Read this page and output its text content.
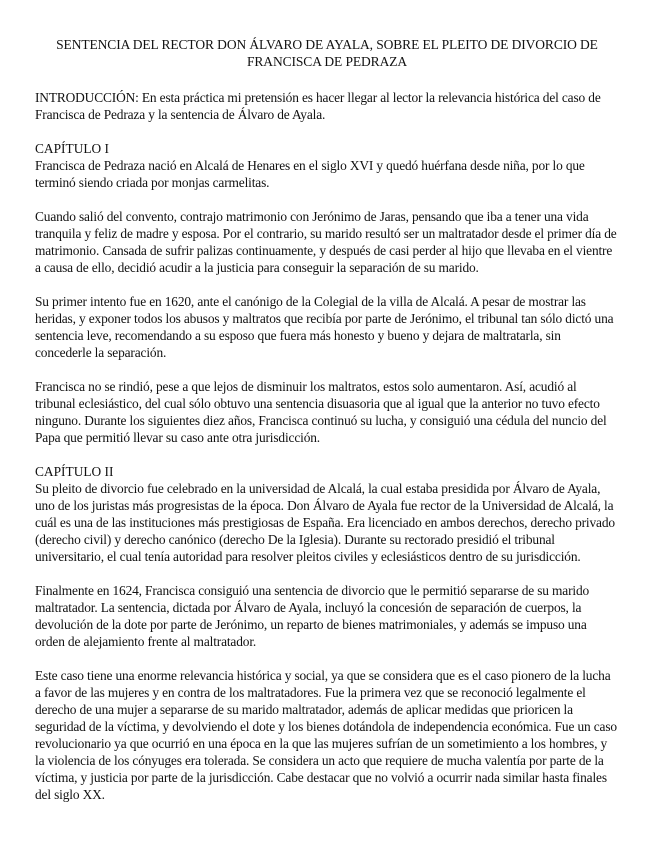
SENTENCIA DEL RECTOR DON ÁLVARO DE AYALA, SOBRE EL PLEITO DE DIVORCIO DE FRANCISCA DE PEDRAZA

INTRODUCCIÓN: En esta práctica mi pretensión es hacer llegar al lector la relevancia histórica del caso de Francisca de Pedraza y la sentencia de Álvaro de Ayala.

CAPÍTULO I

Francisca de Pedraza nació en Alcalá de Henares en el siglo XVI y quedó huérfana desde niña, por lo que terminó siendo criada por monjas carmelitas.

Cuando salió del convento, contrajo matrimonio con Jerónimo de Jaras, pensando que iba a tener una vida tranquila y feliz de madre y esposa. Por el contrario, su marido resultó ser un maltratador desde el primer día de matrimonio. Cansada de sufrir palizas continuamente, y después de casi perder al hijo que llevaba en el vientre a causa de ello, decidió acudir a la justicia para conseguir la separación de su marido.

Su primer intento fue en 1620, ante el canónigo de la Colegial de la villa de Alcalá. A pesar de mostrar las heridas, y exponer todos los abusos y maltratos que recibía por parte de Jerónimo, el tribunal tan sólo dictó una sentencia leve, recomendando a su esposo que fuera más honesto y bueno y dejara de maltratarla, sin concederle la separación.

Francisca no se rindió, pese a que lejos de disminuir los maltratos, estos solo aumentaron. Así, acudió al tribunal eclesiástico, del cual sólo obtuvo una sentencia disuasoria que al igual que la anterior no tuvo efecto ninguno. Durante los siguientes diez años, Francisca continuó su lucha, y consiguió una cédula del nuncio del Papa que permitió llevar su caso ante otra jurisdicción.

CAPÍTULO II

Su pleito de divorcio fue celebrado en la universidad de Alcalá, la cual estaba presidida por Álvaro de Ayala, uno de los juristas más progresistas de la época. Don Álvaro de Ayala fue rector de la Universidad de Alcalá, la cuál es una de las instituciones más prestigiosas de España. Era licenciado en ambos derechos, derecho privado (derecho civil) y derecho canónico (derecho De la Iglesia). Durante su rectorado presidió el tribunal universitario, el cual tenía autoridad para resolver pleitos civiles y eclesiásticos dentro de su jurisdicción.

Finalmente en 1624, Francisca consiguió una sentencia de divorcio que le permitió separarse de su marido maltratador. La sentencia, dictada por Álvaro de Ayala, incluyó la concesión de separación de cuerpos, la devolución de la dote por parte de Jerónimo, un reparto de bienes matrimoniales, y además se impuso una orden de alejamiento frente al maltratador.

Este caso tiene una enorme relevancia histórica y social, ya que se considera que es el caso pionero de la lucha a favor de las mujeres y en contra de los maltratadores. Fue la primera vez que se reconoció legalmente el derecho de una mujer a separarse de su marido maltratador, además de aplicar medidas que prioricen la seguridad de la víctima, y devolviendo el dote y los bienes dotándola de independencia económica. Fue un caso revolucionario ya que ocurrió en una época en la que las mujeres sufrían de un sometimiento a los hombres, y la violencia de los cónyuges era tolerada. Se considera un acto que requiere de mucha valentía por parte de la víctima, y justicia por parte de la jurisdicción. Cabe destacar que no volvió a ocurrir nada similar hasta finales del siglo XX.
